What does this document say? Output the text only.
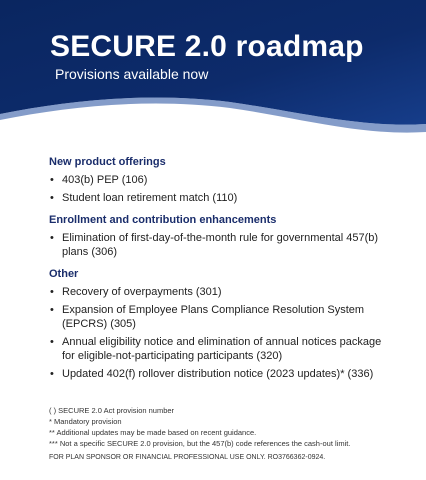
SECURE 2.0 roadmap

Provisions available now

New product offerings
• 403(b) PEP (106)
• Student loan retirement match (110)
Enrollment and contribution enhancements
• Elimination of first-day-of-the-month rule for governmental 457(b) plans (306)
Other
• Recovery of overpayments (301)
• Expansion of Employee Plans Compliance Resolution System (EPCRS) (305)
• Annual eligibility notice and elimination of annual notices package for eligible-not-participating participants (320)
• Updated 402(f) rollover distribution notice (2023 updates)* (336)
( ) SECURE 2.0 Act provision number
* Mandatory provision
** Additional updates may be made based on recent guidance.
*** Not a specific SECURE 2.0 provision, but the 457(b) code references the cash-out limit.
FOR PLAN SPONSOR OR FINANCIAL PROFESSIONAL USE ONLY. RO3766362-0924.
